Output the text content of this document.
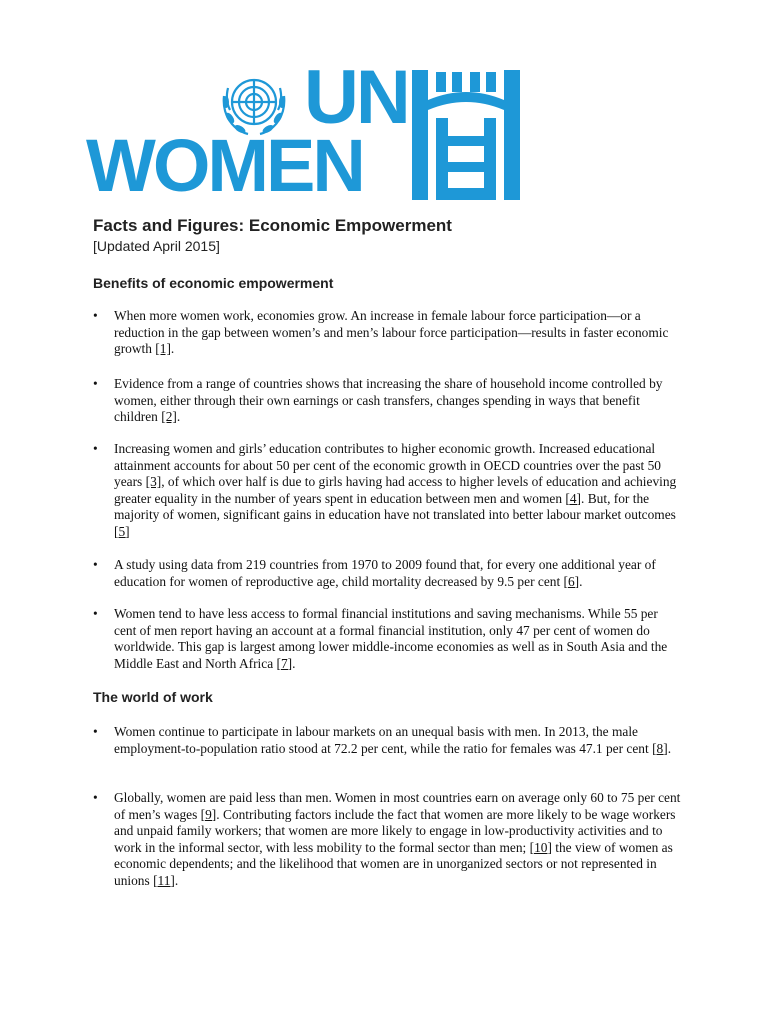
UN
WOMEN
Facts and Figures: Economic Empowerment
[Updated April 2015]
Benefits of economic empowerment
•	When more women work, economies grow. An increase in female labour force participation—or a reduction in the gap between women’s and men’s labour force participation—results in faster economic growth [1].
•	Evidence from a range of countries shows that increasing the share of household income controlled by women, either through their own earnings or cash transfers, changes spending in ways that benefit children [2].
•	Increasing women and girls’ education contributes to higher economic growth. Increased educational attainment accounts for about 50 per cent of the economic growth in OECD countries over the past 50 years [3], of which over half is due to girls having had access to higher levels of education and achieving greater equality in the number of years spent in education between men and women [4]. But, for the majority of women, significant gains in education have not translated into better labour market outcomes [5]
•	A study using data from 219 countries from 1970 to 2009 found that, for every one additional year of education for women of reproductive age, child mortality decreased by 9.5 per cent [6].
•	Women tend to have less access to formal financial institutions and saving mechanisms. While 55 per cent of men report having an account at a formal financial institution, only 47 per cent of women do worldwide. This gap is largest among lower middle-income economies as well as in South Asia and the Middle East and North Africa [7].
The world of work
•	Women continue to participate in labour markets on an unequal basis with men. In 2013, the male employment-to-population ratio stood at 72.2 per cent, while the ratio for females was 47.1 per cent [8].
•	Globally, women are paid less than men. Women in most countries earn on average only 60 to 75 per cent of men’s wages [9]. Contributing factors include the fact that women are more likely to be wage workers and unpaid family workers; that women are more likely to engage in low-productivity activities and to work in the informal sector, with less mobility to the formal sector than men; [10] the view of women as economic dependents; and the likelihood that women are in unorganized sectors or not represented in unions [11].
